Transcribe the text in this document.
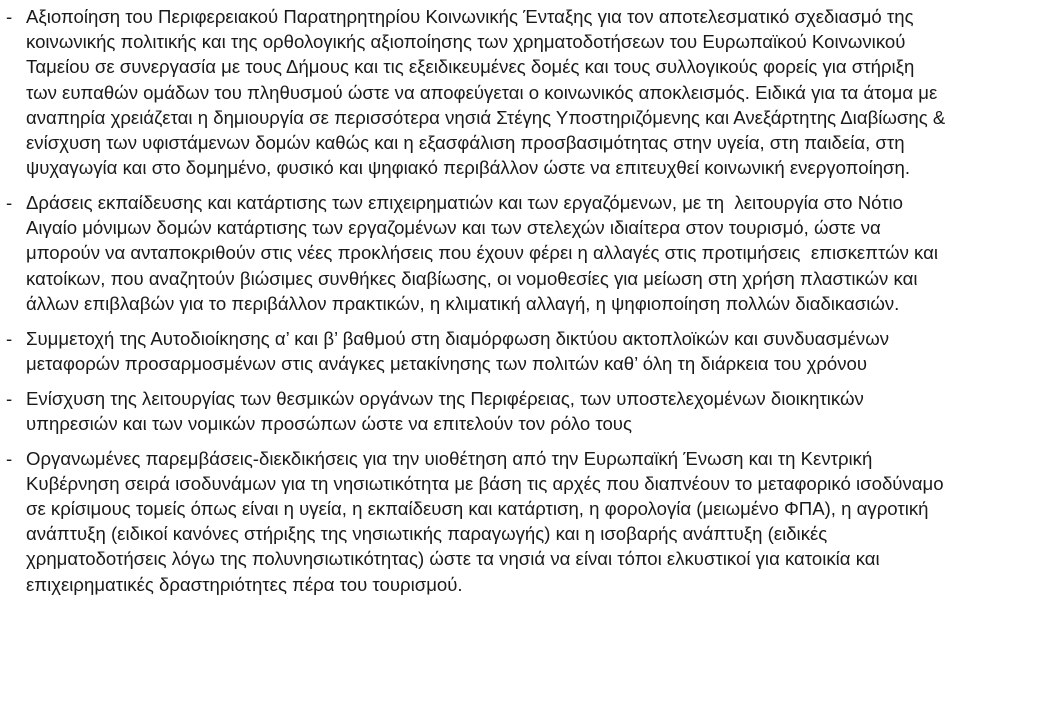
- Αξιοποίηση του Περιφερειακού Παρατηρητηρίου Κοινωνικής Ένταξης για τον αποτελεσματικό σχεδιασμό της
κοινωνικής πολιτικής και της ορθολογικής αξιοποίησης των χρηματοδοτήσεων του Ευρωπαϊκού Κοινωνικού
Ταμείου σε συνεργασία με τους Δήμους και τις εξειδικευμένες δομές και τους συλλογικούς φορείς για στήριξη
των ευπαθών ομάδων του πληθυσμού ώστε να αποφεύγεται ο κοινωνικός αποκλεισμός. Ειδικά για τα άτομα με
αναπηρία χρειάζεται η δημιουργία σε περισσότερα νησιά Στέγης Υποστηριζόμενης και Ανεξάρτητης Διαβίωσης &
ενίσχυση των υφιστάμενων δομών καθώς και η εξασφάλιση προσβασιμότητας στην υγεία, στη παιδεία, στη
ψυχαγωγία και στο δομημένο, φυσικό και ψηφιακό περιβάλλον ώστε να επιτευχθεί κοινωνική ενεργοποίηση.
- Δράσεις εκπαίδευσης και κατάρτισης των επιχειρηματιών και των εργαζόμενων, με τη  λειτουργία στο Νότιο
Αιγαίο μόνιμων δομών κατάρτισης των εργαζομένων και των στελεχών ιδιαίτερα στον τουρισμό, ώστε να
μπορούν να ανταποκριθούν στις νέες προκλήσεις που έχουν φέρει η αλλαγές στις προτιμήσεις  επισκεπτών και
κατοίκων, που αναζητούν βιώσιμες συνθήκες διαβίωσης, οι νομοθεσίες για μείωση στη χρήση πλαστικών και
άλλων επιβλαβών για το περιβάλλον πρακτικών, η κλιματική αλλαγή, η ψηφιοποίηση πολλών διαδικασιών.
- Συμμετοχή της Αυτοδιοίκησης α’ και β’ βαθμού στη διαμόρφωση δικτύου ακτοπλοϊκών και συνδυασμένων
μεταφορών προσαρμοσμένων στις ανάγκες μετακίνησης των πολιτών καθ’ όλη τη διάρκεια του χρόνου
- Ενίσχυση της λειτουργίας των θεσμικών οργάνων της Περιφέρειας, των υποστελεχομένων διοικητικών
υπηρεσιών και των νομικών προσώπων ώστε να επιτελούν τον ρόλο τους
- Οργανωμένες παρεμβάσεις-διεκδικήσεις για την υιοθέτηση από την Ευρωπαϊκή Ένωση και τη Κεντρική
Κυβέρνηση σειρά ισοδυνάμων για τη νησιωτικότητα με βάση τις αρχές που διαπνέουν το μεταφορικό ισοδύναμο
σε κρίσιμους τομείς όπως είναι η υγεία, η εκπαίδευση και κατάρτιση, η φορολογία (μειωμένο ΦΠΑ), η αγροτική
ανάπτυξη (ειδικοί κανόνες στήριξης της νησιωτικής παραγωγής) και η ισοβαρής ανάπτυξη (ειδικές
χρηματοδοτήσεις λόγω της πολυνησιωτικότητας) ώστε τα νησιά να είναι τόποι ελκυστικοί για κατοικία και
επιχειρηματικές δραστηριότητες πέρα του τουρισμού.
